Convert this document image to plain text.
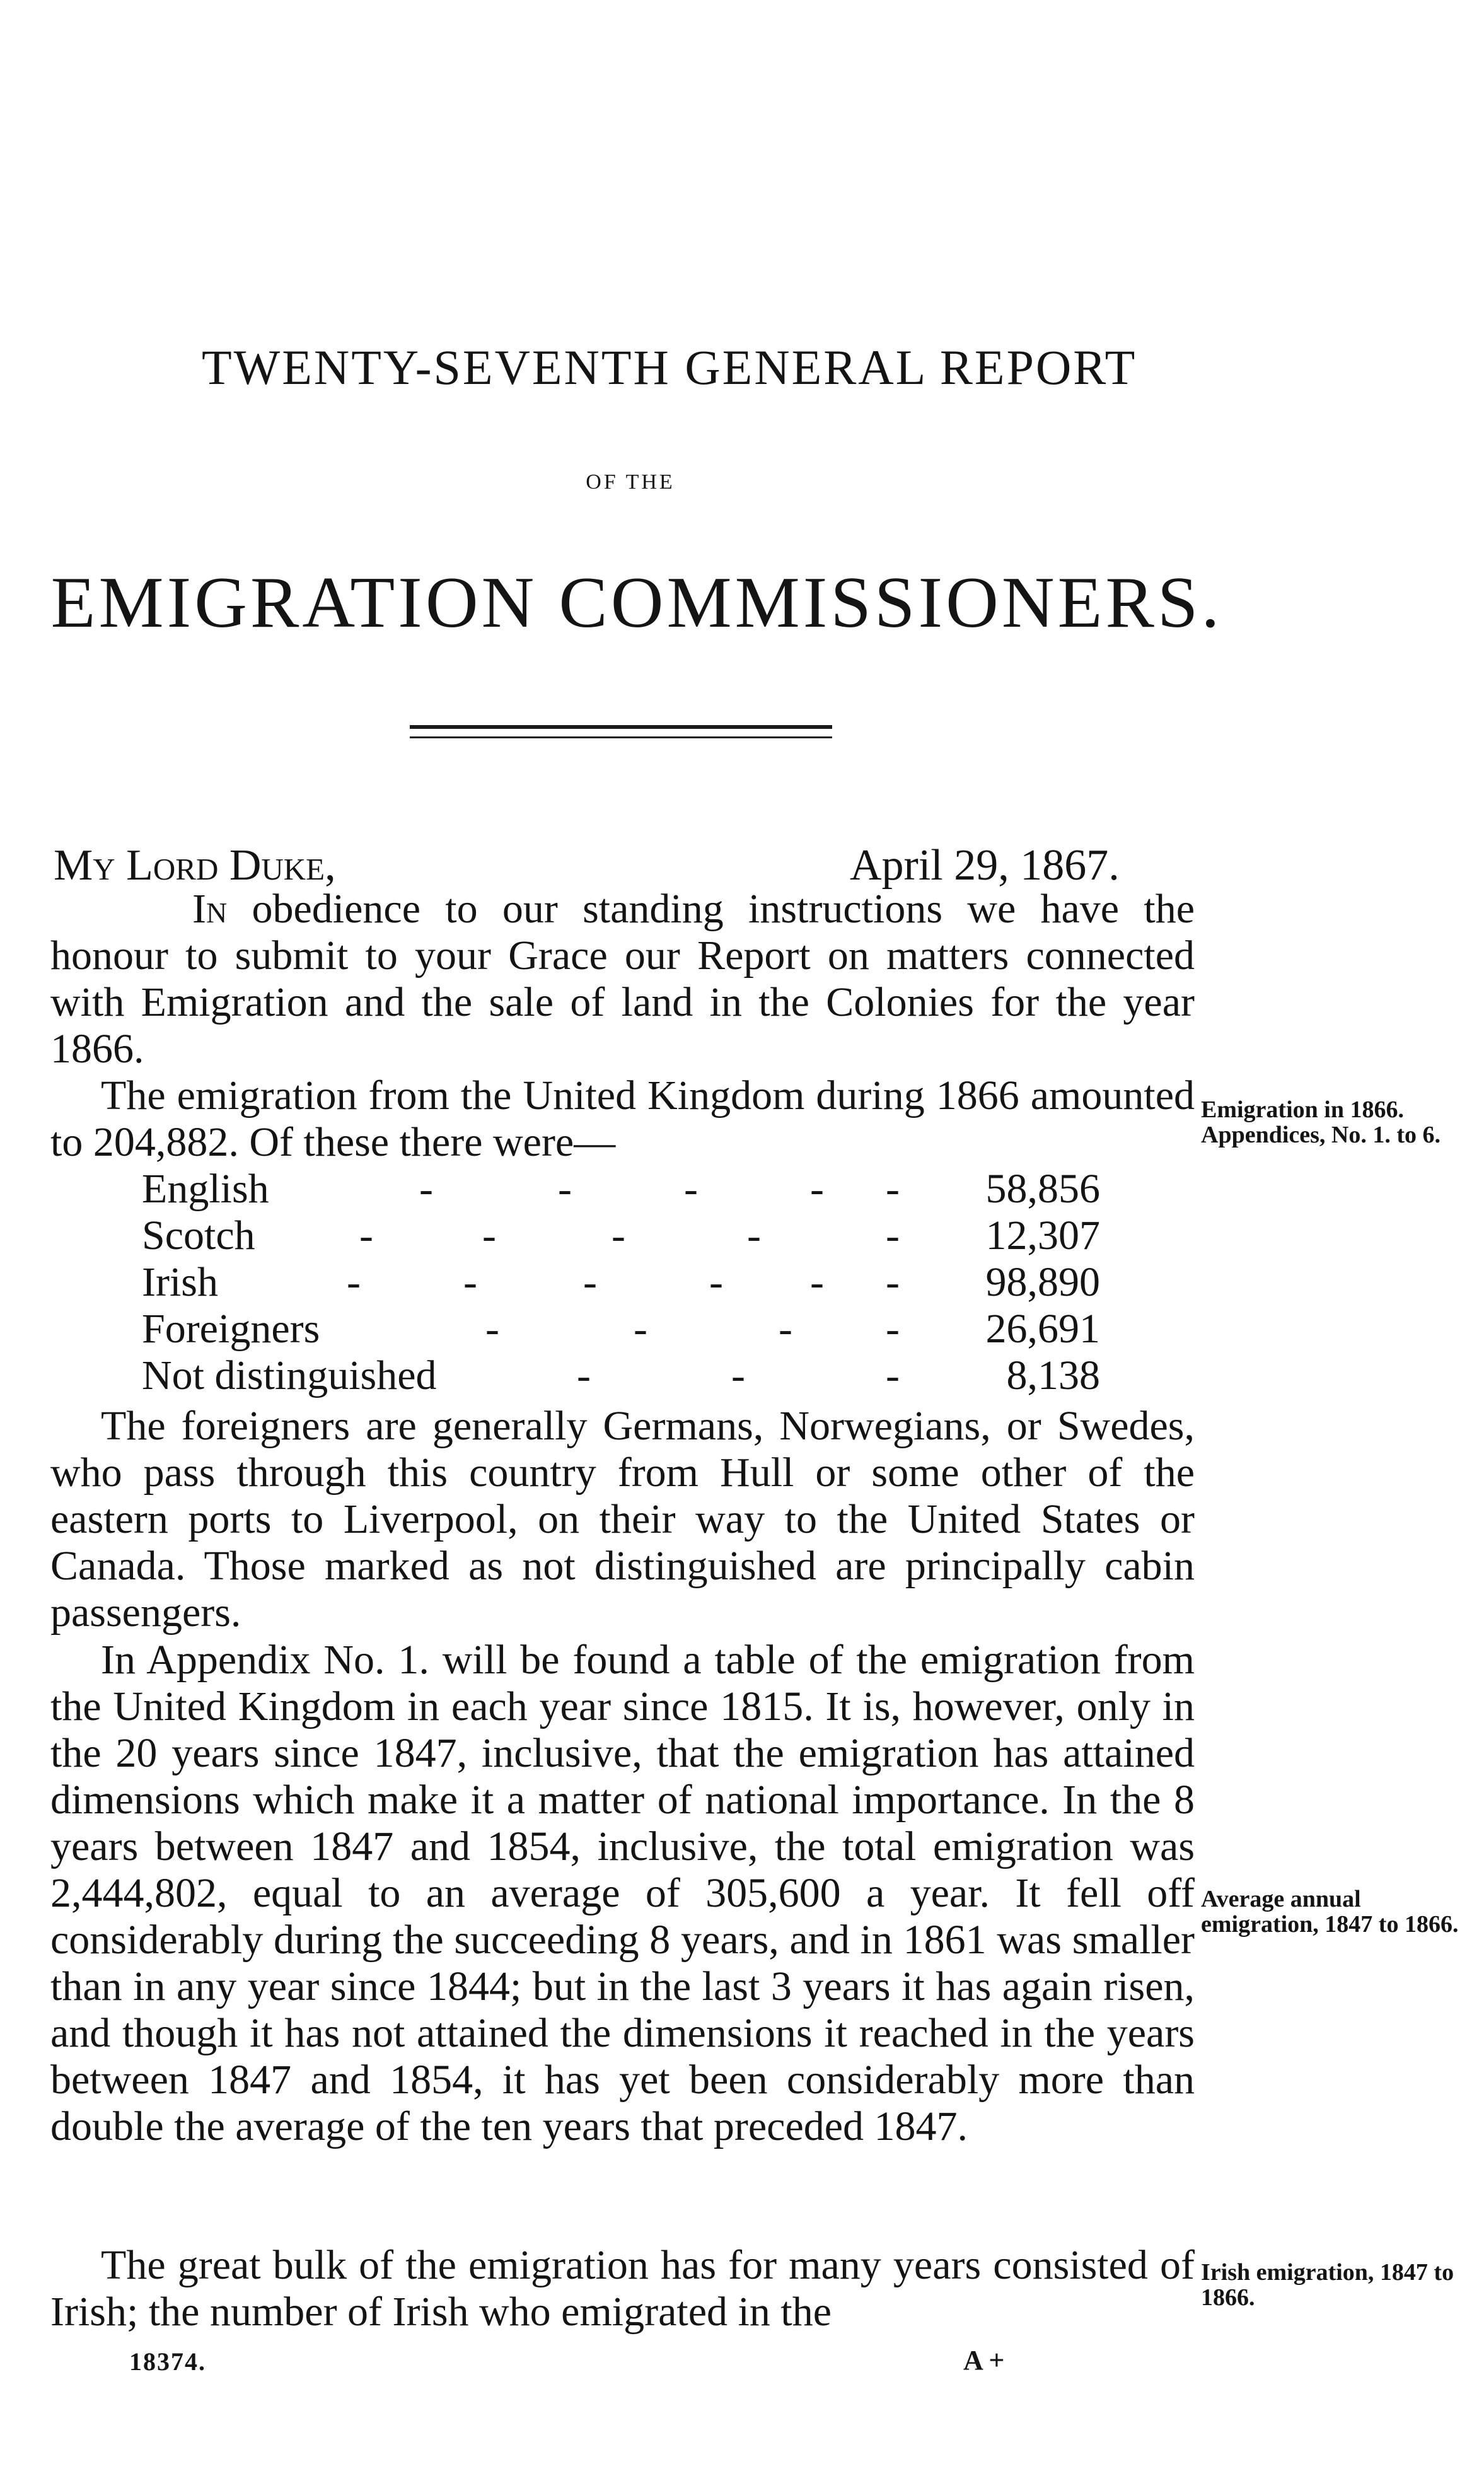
TWENTY-SEVENTH GENERAL REPORT
OF THE
EMIGRATION COMMISSIONERS.
My Lord Duke,	April 29, 1867.
In obedience to our standing instructions we have the honour to submit to your Grace our Report on matters connected with Emigration and the sale of land in the Colonies for the year 1866.
The emigration from the United Kingdom during 1866 amounted to 204,882. Of these there were—
English	-	-	-	- - 58,856
Scotch	-	-	-	-	- 12,307
Irish	- -	-	- - - 98,890
Foreigners	-	-	- - 26,691
Not distinguished	-	-	-	8,138
The foreigners are generally Germans, Norwegians, or Swedes, who pass through this country from Hull or some other of the eastern ports to Liverpool, on their way to the United States or Canada. Those marked as not distinguished are principally cabin passengers.
In Appendix No. 1. will be found a table of the emigration from the United Kingdom in each year since 1815. It is, however, only in the 20 years since 1847, inclusive, that the emigration has attained dimensions which make it a matter of national importance. In the 8 years between 1847 and 1854, inclusive, the total emigration was 2,444,802, equal to an average of 305,600 a year. It fell off considerably during the succeeding 8 years, and in 1861 was smaller than in any year since 1844; but in the last 3 years it has again risen, and though it has not attained the dimensions it reached in the years between 1847 and 1854, it has yet been considerably more than double the average of the ten years that preceded 1847.
The great bulk of the emigration has for many years consisted of Irish; the number of Irish who emigrated in the
Emigration in 1866. Appendices, No. 1. to 6.
Average annual emigration, 1847 to 1866.
Irish emigration, 1847 to 1866.
18374.	A +
